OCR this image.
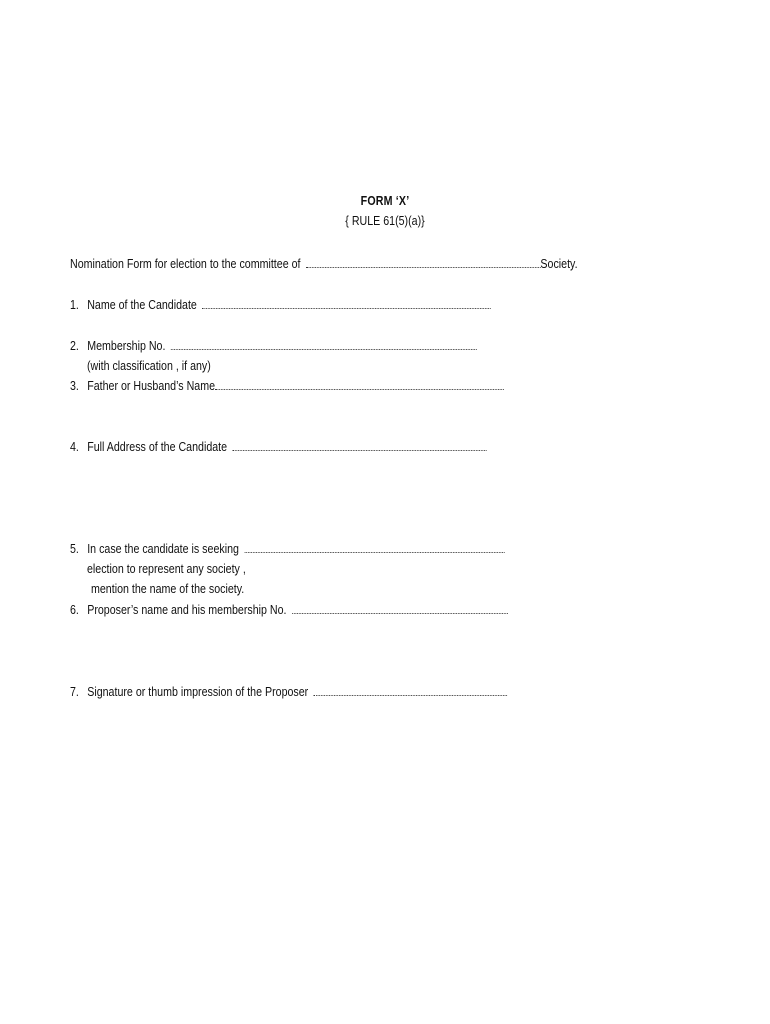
FORM ‘X’
{ RULE 61(5)(a)}
Nomination Form for election to the committee of	Society.
1. Name of the Candidate
2. Membership No.
(with classification , if any)
3. Father or Husband’s Name
4. Full Address of the Candidate
5. In case the candidate is seeking
election to represent any society ,
mention the name of the society.
6. Proposer’s name and his membership No.
7. Signature or thumb impression of the Proposer
